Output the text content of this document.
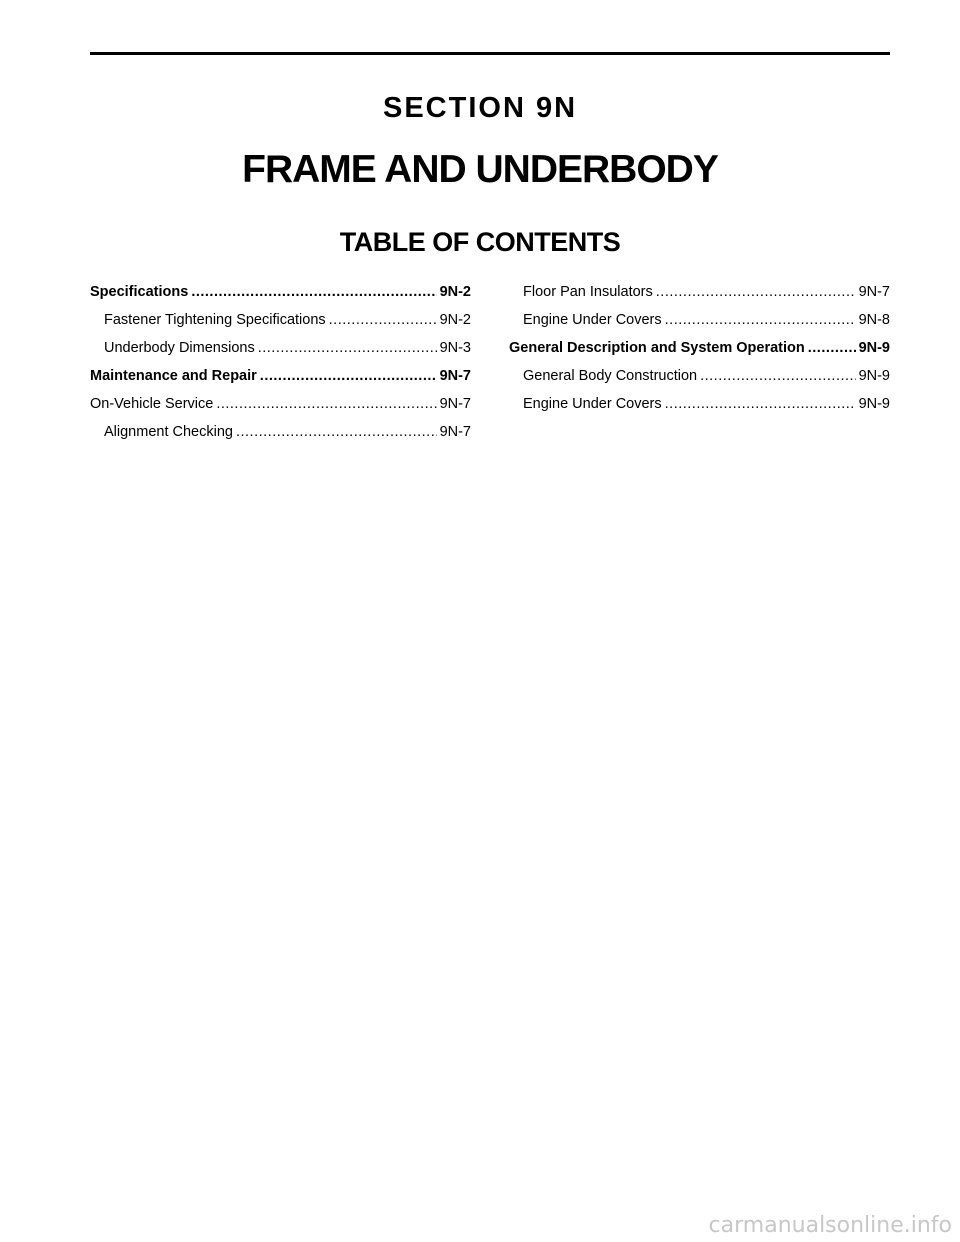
SECTION 9N
FRAME AND UNDERBODY
TABLE OF CONTENTS
Specifications .....	9N-2
Fastener Tightening Specifications .....	9N-2
Underbody Dimensions .....	9N-3
Maintenance and Repair .....	9N-7
On-Vehicle Service .....	9N-7
Alignment Checking .....	9N-7
Floor Pan Insulators .....	9N-7
Engine Under Covers .....	9N-8
General Description and System Operation .....	9N-9
General Body Construction .....	9N-9
Engine Under Covers .....	9N-9
carmanualsonline.info
